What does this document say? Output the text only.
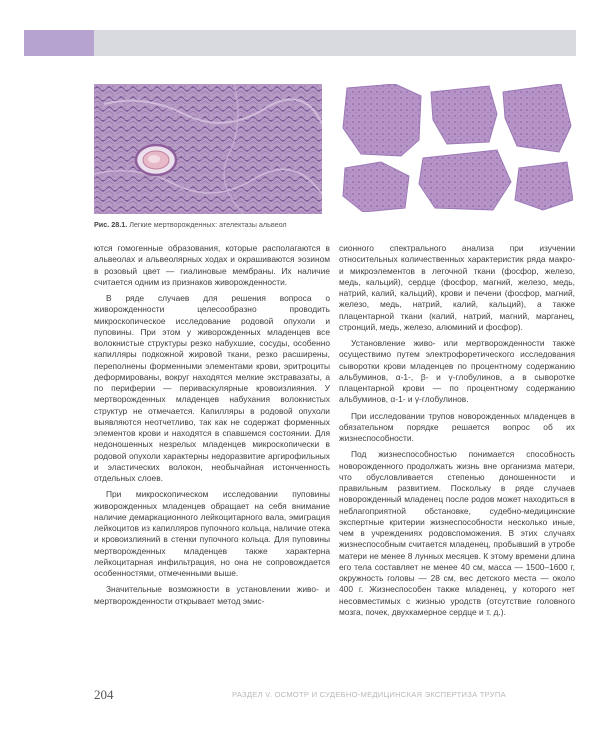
Рис. 28.1. Легкие мертворожденных: ателектазы альвеол

ются гомогенные образования, которые располагаются в альвеолах и альвеолярных ходах и окрашиваются эозином в розовый цвет — гиалиновые мембраны. Их наличие считается одним из признаков живорожденности.

В ряде случаев для решения вопроса о живорожденности целесообразно проводить микроскопическое исследование родовой опухоли и пуповины. При этом у живорожденных младенцев все волокнистые структуры резко набухшие, сосуды, особенно капилляры подкожной жировой ткани, резко расширены, переполнены форменными элементами крови, эритроциты деформированы, вокруг находятся мелкие экстравазаты, а по периферии — периваскулярные кровоизлияния. У мертворожденных младенцев набухания волокнистых структур не отмечается. Капилляры в родовой опухоли выявляются неотчетливо, так как не содержат форменных элементов крови и находятся в спавшемся состоянии. Для недоношенных незрелых младенцев микроскопически в родовой опухоли характерны недоразвитие аргирофильных и эластических волокон, необычайная истонченность отдельных слоев.

При микроскопическом исследовании пуповины живорожденных младенцев обращает на себя внимание наличие демаркационного лейкоцитарного вала, эмиграция лейкоцитов из капилляров пупочного кольца, наличие отека и кровоизлияний в стенки пупочного кольца. Для пуповины мертворожденных младенцев также характерна лейкоцитарная инфильтрация, но она не сопровождается особенностями, отмеченными выше.

Значительные возможности в установлении живо- и мертворожденности открывает метод эмис-

сионного спектрального анализа при изучении относительных количественных характеристик ряда макро- и микроэлементов в легочной ткани (фосфор, железо, медь, кальций), сердце (фосфор, магний, железо, медь, натрий, калий, кальций), крови и печени (фосфор, магний, железо, медь, натрий, калий, кальций), а также плацентарной ткани (калий, натрий, магний, марганец, стронций, медь, железо, алюминий и фосфор).

Установление живо- или мертворожденности также осуществимо путем электрофоретического исследования сыворотки крови младенцев по процентному содержанию альбуминов, α-1-, β- и γ-глобулинов, а в сыворотке плацентарной крови — по процентному содержанию альбуминов, α-1- и γ-глобулинов.

При исследовании трупов новорожденных младенцев в обязательном порядке решается вопрос об их жизнеспособности.

Под жизнеспособностью понимается способность новорожденного продолжать жизнь вне организма матери, что обусловливается степенью доношенности и правильным развитием. Поскольку в ряде случаев новорожденный младенец после родов может находиться в неблагоприятной обстановке, судебно-медицинские экспертные критерии жизнеспособности несколько иные, чем в учреждениях родовспоможения. В этих случаях жизнеспособным считается младенец, пробывший в утробе матери не менее 8 лунных месяцев. К этому времени длина его тела составляет не менее 40 см, масса — 1500–1600 г, окружность головы — 28 см, вес детского места — около 400 г. Жизнеспособен также младенец, у которого нет несовместимых с жизнью уродств (отсутствие головного мозга, почек, двухкамерное сердце и т. д.).

204	РАЗДЕЛ V. ОСМОТР И СУДЕБНО-МЕДИЦИНСКАЯ ЭКСПЕРТИЗА ТРУПА
